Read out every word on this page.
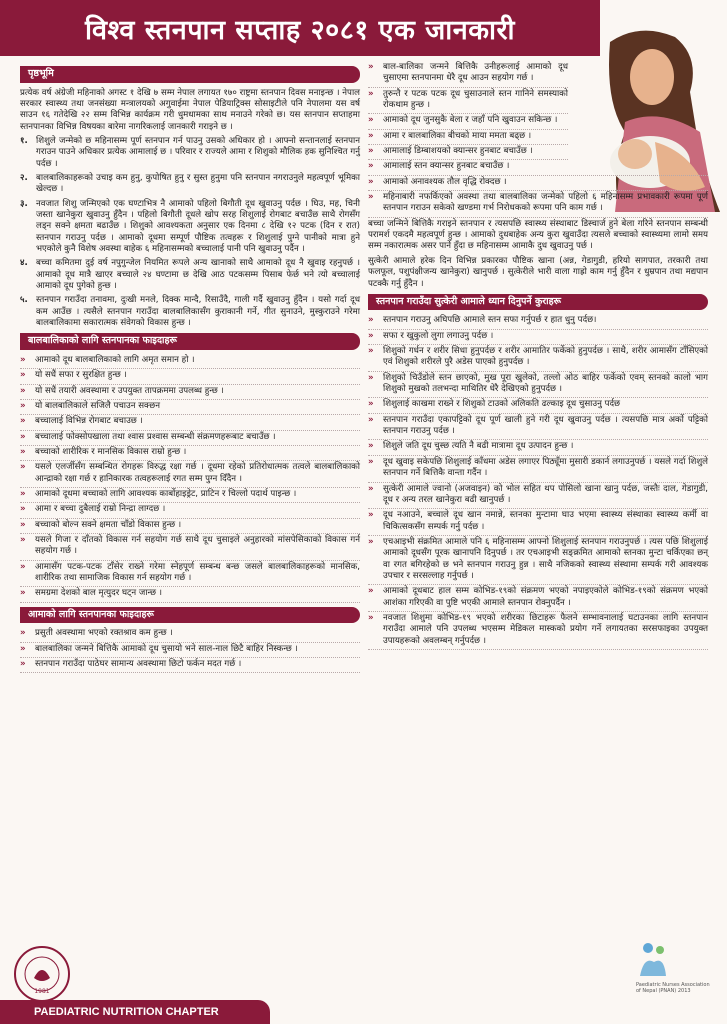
विश्व स्तनपान सप्ताह २०८१ एक जानकारी
पृष्ठभूमि
प्रत्येक वर्ष अंग्रेजी महिनाको अगस्ट १ देखि ७ सम्म नेपाल लगायत १७० राष्ट्रमा स्तनपान दिवस मनाइन्छ । नेपाल सरकार स्वास्थ्य तथा जनसंख्या मन्त्रालयको अगुवाईमा नेपाल पेडियाट्रिक्स सोसाइटीले पनि नेपालमा यस वर्ष साउन १६ गतेदेखि २२ सम्म विभिन्न कार्यक्रम गरी धुमधामका साथ मनाउने गरेको छ। यस स्तनपान सप्ताहमा स्तनपानका विभिन्न विषयका बारेमा नागरिकलाई जानकारी गराइने छ ।
१. शिशुले जन्मेको छ महिनासम्म पूर्ण स्तनपान गर्न पाउनु उसको अधिकार हो । आफ्नो सन्तानलाई स्तनपान गराउन पाउने अधिकार प्रत्येक आमालाई छ । परिवार र राज्यले आमा र शिशुको मौलिक हक सुनिश्चित गर्नु पर्दछ ।
२. बालबालिकाहरूको उचाइ कम हुनु, कुपोषित हुनु र सुस्त हुनुमा पनि स्तनपान नगराउनुले महत्वपूर्ण भूमिका खेल्दछ ।
३. नवजात शिशु जन्मिएको एक घण्टाभित्र नै आमाको पहिलो बिगौती दूध खुवाउनु पर्दछ । घिउ, मह, चिनी जस्ता खानेकुरा खुवाउनु हुँदैन । पहिलो बिगौती दूधले खोप सरह शिशुलाई रोगबाट बचाउँछ साथै रोगसँग लड्न सक्ने क्षमता बढाउँछ । शिशुको आवश्यकता अनुसार एक दिनमा ८ देखि १२ पटक (दिन र रात) स्तनपान गराउनु पर्दछ । आमाको दूधमा सम्पूर्ण पौष्टिक तत्वहरू र शिशुलाई पुग्ने पानीको मात्रा हुने भएकोले कुनै विशेष अवस्था बाहेक ६ महिनासम्मको बच्चालाई पानी पनि खुवाउनु पर्दैन ।
४. बच्चा कमितमा दुई वर्ष नपुगुन्जेल नियमित रूपले अन्य खानाको साथै आमाको दूध नै खुवाइ रहनुपर्छ । आमाको दूध मात्रै खाएर बच्चाले २४ घण्टामा छ देखि आठ पटकसम्म पिसाब फेर्छ भने त्यो बच्चालाई आमाको दूध पुगेको हुन्छ ।
५. स्तनपान गराउँदा तनावमा, दुःखी मनले, दिक्क मान्दै, रिसाउँदै, गाली गर्दै खुवाउनु हुँदैन । यसो गर्दा दूध कम आउँछ । त्यसैले स्तनपान गराउँदा बालबालिकासँग कुराकानी गर्ने, गीत सुनाउने, मुस्कुराउने गरेमा बालबालिकामा सकारात्मक संवेगको विकास हुन्छ ।
बालबालिकाको लागि स्तनपानका फाइदाहरू
»	आमाको दूध बालबालिकाको लागि अमृत समान हो ।
»	यो सधैं सफा र सुरक्षित हुन्छ ।
»	यो सधैं तयारी अवस्थामा र उपयुक्त तापक्रममा उपलब्ध हुन्छ ।
»	यो बालबालिकाले सजिलै पचाउन सक्छन
»	बच्चालाई विभिन्न रोगबाट बचाउछ ।
»	बच्चालाई फोक्सोपखाला तथा श्वास प्रश्वास सम्बन्धी संक्रमणहरूबाट बचाउँछ ।
»	बच्चाको शारीरिक र मानसिक विकास राम्रो हुन्छ ।
»	यसले एलर्जीसँग सम्बन्धित रोगहरू विरुद्ध रक्षा गर्छ । दूधमा रहेको प्रतिरोधात्मक तत्वले बालबालिकाको आन्द्राको रक्षा गर्छ र हानिकारक तत्वहरूलाई रगत सम्म पुग्न दिँदैन ।
»	आमाको दूधमा बच्चाको लागि आवश्यक कार्बोहाइड्रेट, प्राटिन र चिल्लो पदार्थ पाइन्छ ।
»	आमा र बच्चा दुबैलाई राम्रो निन्द्रा लाग्दछ ।
»	बच्चाको बोल्न सक्ने क्षमता चाँडो विकास हुन्छ ।
»	यसले गिजा र दाँतको विकास गर्न सहयोग गर्छ साथै दूध चुसाइले अनुहारको मांसपेसिकाको विकास गर्न सहयोग गर्छ ।
»	आमासँग पटक-पटक टाँसेर राख्ने गरेमा स्नेहपूर्ण सम्बन्ध बन्छ जसले बालबालिकाहरूको मानसिक, शारीरिक तथा सामाजिक विकास गर्न सहयोग गर्छ ।
»	समग्रमा देशको बाल मृत्युदर घट्न जान्छ ।
आमाको लागि स्तनपानका फाइदाहरू
»	प्रसुती अवस्थामा भएको रक्तश्राव कम हुन्छ ।
»	बालबालिका जन्मने बित्तिकै आमाको दूध चुसायो भने साल-नाल छिटै बाहिर निस्कन्छ ।
»	स्तनपान गराउँदा पाठेघर सामान्य अवस्थामा छिटो फर्कन मदत गर्छ ।
»	बाल-बालिका जन्मने बित्तिकै उनीहरूलाई आमाको दूध चुसाएमा स्तनपानमा धेरै दूध आउन सहयोग गर्छ ।
»	तुरुन्तै र पटक पटक दूध चुसाउनाले स्तन गानिने समस्याको रोकथाम हुन्छ ।
»	आमाको दूध जुनसुकै बेला र जहाँ पनि खुवाउन सकिन्छ ।
»	आमा र बालबालिका बीचको माया ममता बढ्छ ।
»	आमालाई डिम्बाशयको क्यान्सर हुनबाट बचाउँछ ।
»	आमालाई स्तन क्यान्सर हुनबाट बचाउँछ ।
»	आमाको अनावश्यक तौल वृद्धि रोक्दछ ।
»	महिनाबारी नफर्किएको अवस्था तथा बालबालिका जन्मेको पहिलो ६ महिनासम्म प्रभावकारी रूपमा पूर्ण स्तनपान गराउन सकेको खण्डमा गर्भ निरोधकको रूपमा पनि काम गर्छ ।
बच्चा जन्मिने बित्तिकै गराइने स्तनपान र त्यसपछि स्वास्थ्य संस्थाबाट डिस्चार्ज हुने बेला गरिने स्तनपान सम्बन्धी परामर्श एकदमै महत्वपूर्ण हुन्छ । आमाको दुधबाहेक अन्य कुरा खुवाउँदा त्यसले बच्चाको स्वास्थ्यमा लामो समय सम्म नकारात्मक असर पार्ने हुँदा छ महिनासम्म आमाकै दुध खुवाउनु पर्छ ।
सुत्केरी आमाले हरेक दिन विभिन्न प्रकारका पौष्टिक खाना (अन्न, गेडागुडी, हरियो सागपात, तरकारी तथा फलफूल, पशुपंक्षीजन्य खानेकुरा) खानुपर्छ । सुत्केरीले भारी वाला गाह्रो काम गर्नु हुँदैन र धुम्रपान तथा मद्यपान पटक्कै गर्नु हुँदैन ।
स्तनपान गराउँदा सुत्केरी आमाले ध्यान दिनुपर्ने कुराहरू
»	स्तनपान गराउनु अघिपछि आमाले स्तन सफा गर्नुपर्छ र हात धुनु पर्दछ।
»	सफा र खुकुलो लुगा लगाउनु पर्दछ ।
»	शिशुको गर्धन र शरीर सिधा हुनुपर्दछ र शरीर आमातिर फर्केको हुनुपर्दछ । साथै, शरीर आमासँग टाँसिएको एवं शिशुको शरीरले पुरै अडेस पाएको हुनुपर्दछ ।
»	शिशुको चिउँडोले स्तन छाएको, मुख पूरा खुलेको, तल्लो ओठ बाहिर फर्केको एवम् स्तनको कालो भाग शिशुको मुखको तलभन्दा माथितिर धेरै देखिएको हुनुपर्दछ ।
»	शिशुलाई काखमा राख्ने र शिशुको टाउको अलिकति ढल्काइ दूध चुसाउनु पर्दछ
»	स्तनपान गराउँदा एकापट्टिको दूध पूर्ण खाली हुने गरी दूध खुवाउनु पर्दछ । त्यसपछि मात्र अर्को पट्टिको स्तनपान गराउनु पर्दछ ।
»	शिशुले जति दूध चुस्छ त्यति नै बढी मात्रामा दूध उत्पादन हुन्छ ।
»	दूध खुवाइ सकेपछि शिशुलाई काँधमा अडेस लगाएर पिठ्यूँमा मुसारी डकार्न लगाउनुपर्छ । यसले गर्दा शिशुले स्तनपान गर्ने बित्तिकै वान्ता गर्दैन ।
»	सुत्केरी आमाले ज्वानो (अजवाइन) को भोल सहित थप पोसिलो खाना खानु पर्दछ, जस्तैः दाल, गेडागुडी, दूध र अन्य तरल खानेकुरा बढी खानुपर्छ ।
»	दूध नआउने, बच्चाले दूध खान नमान्ने, स्तनका मुन्टामा घाउ भएमा स्वास्थ्य संस्थाका स्वास्थ्य कर्मी वा चिकित्सकसँग सम्पर्क गर्नु पर्दछ ।
»	एचआइभी संक्रमित आमाले पनि ६ महिनासम्म आफ्नो शिशुलाई स्तनपान गराउनुपर्छ । त्यस पछि शिशुलाई आमाको दूधसँग पूरक खानापनि दिनुपर्छ । तर एचआइभी सङ्क्रमित आमाको स्तनका मुन्टा चर्किएका छन् वा रगत बगिरहेको छ भने स्तनपान गराउनु हुन्न । साथै नजिकको स्वास्थ्य संस्थामा सम्पर्क गरी आवश्यक उपचार र सरसल्लाह गर्नुपर्छ ।
»	आमाको दूधबाट हाल सम्म कोभिड-१९को संक्रमण भएको नपाइएकोले कोभिड-१९को संक्रमण भएको आशंका गरिएकी वा पुष्टि भएकी आमाले स्तनपान रोक्नुपर्दैन ।
»	नवजात शिशुमा कोभिड-१९ भएको शरीरका छिटाहरू फैलने सम्भावनालाई घटाउनका लागि स्तनपान गराउँदा आमाले पनि उपलब्ध भएसम्म मेडिकल मास्कको प्रयोग गर्ने लगायतका सरसफाइका उपयुक्त उपायहरूको अवलम्बन् गर्नुपर्दछ ।
1981
PAEDIATRIC NUTRITION CHAPTER
Paediatric Nurses Association of Nepal (PNAN) 2013
